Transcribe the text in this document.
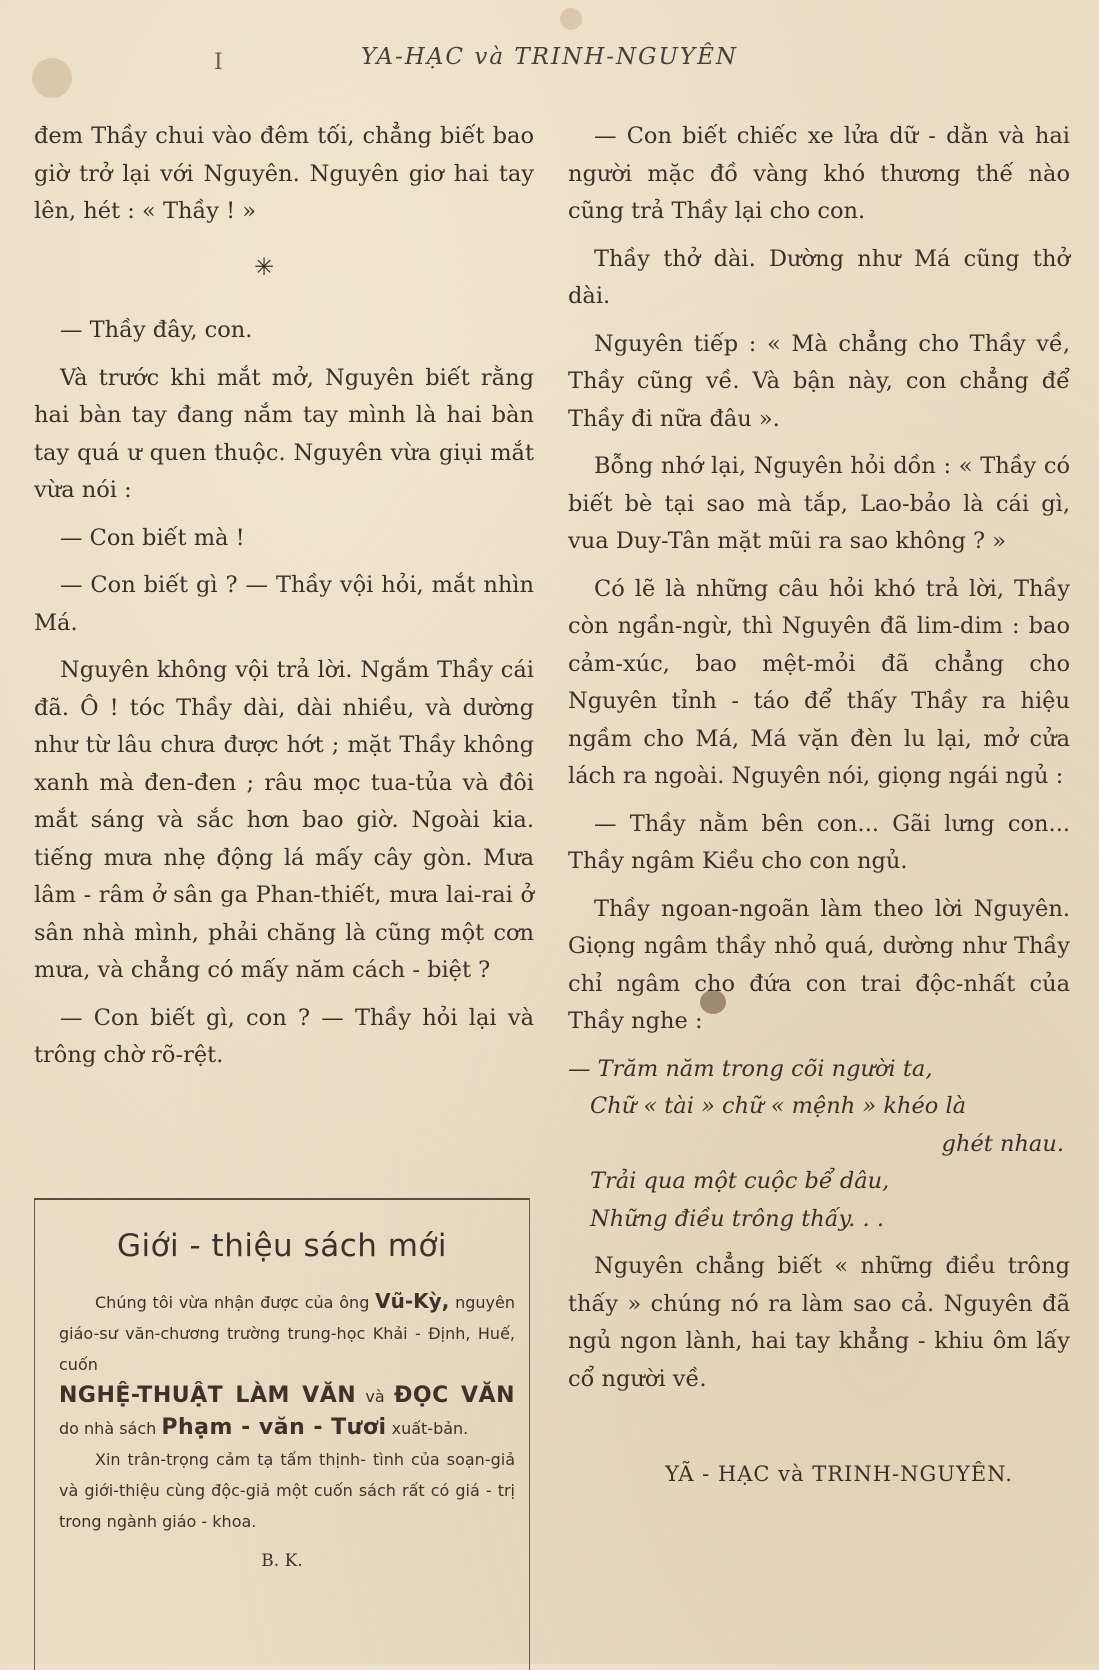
I	YA-HẠC và TRINH-NGUYÊN

đem Thầy chui vào đêm tối, chẳng biết bao giờ trở lại với Nguyên. Nguyên giơ hai tay lên, hét : « Thầy ! »

✳

— Thầy đây, con.

Và trước khi mắt mở, Nguyên biết rằng hai bàn tay đang nắm tay mình là hai bàn tay quá ư quen thuộc. Nguyên vừa giụi mắt vừa nói :

— Con biết mà !

— Con biết gì ? — Thầy vội hỏi, mắt nhìn Má.

Nguyên không vội trả lời. Ngắm Thầy cái đã. Ô ! tóc Thầy dài, dài nhiều, và dường như từ lâu chưa được hớt ; mặt Thầy không xanh mà đen-đen ; râu mọc tua-tủa và đôi mắt sáng và sắc hơn bao giờ. Ngoài kia. tiếng mưa nhẹ động lá mấy cây gòn. Mưa lâm - râm ở sân ga Phan-thiết, mưa lai-rai ở sân nhà mình, phải chăng là cũng một cơn mưa, và chẳng có mấy năm cách - biệt ?

— Con biết gì, con ? — Thầy hỏi lại và trông chờ rõ-rệt.

Giới - thiệu sách mới

Chúng tôi vừa nhận được của ông Vũ-Kỳ, nguyên giáo-sư văn-chương trường trung-học Khải - Định, Huế, cuốn

NGHỆ-THUẬT LÀM VĂN và ĐỌC VĂN do nhà sách Phạm - văn - Tươi xuất-bản.

Xin trân-trọng cảm tạ tấm thịnh- tình của soạn-giả và giới-thiệu cùng độc-giả một cuốn sách rất có giá - trị trong ngành giáo - khoa.

B. K.

— Con biết chiếc xe lửa dữ - dằn và hai người mặc đồ vàng khó thương thế nào cũng trả Thầy lại cho con.

Thầy thở dài. Dường như Má cũng thở dài.

Nguyên tiếp : « Mà chẳng cho Thầy về, Thầy cũng về. Và bận này, con chẳng để Thầy đi nữa đâu ».

Bỗng nhớ lại, Nguyên hỏi dồn : « Thầy có biết bè tại sao mà tắp, Lao-bảo là cái gì, vua Duy-Tân mặt mũi ra sao không ? »

Có lẽ là những câu hỏi khó trả lời, Thầy còn ngần-ngừ, thì Nguyên đã lim-dim : bao cảm-xúc, bao mệt-mỏi đã chẳng cho Nguyên tỉnh - táo để thấy Thầy ra hiệu ngầm cho Má, Má vặn đèn lu lại, mở cửa lách ra ngoài. Nguyên nói, giọng ngái ngủ :

— Thầy nằm bên con... Gãi lưng con... Thầy ngâm Kiều cho con ngủ.

Thầy ngoan-ngoãn làm theo lời Nguyên. Giọng ngâm thầy nhỏ quá, dường như Thầy chỉ ngâm cho đứa con trai độc-nhất của Thầy nghe :

— Trăm năm trong cõi người ta,

Chữ « tài » chữ « mệnh » khéo là

ghét nhau.

Trải qua một cuộc bể dâu,

Những điều trông thấy. . .

Nguyên chẳng biết « những điều trông thấy » chúng nó ra làm sao cả. Nguyên đã ngủ ngon lành, hai tay khẳng - khiu ôm lấy cổ người về.

YÃ - HẠC và TRINH-NGUYÊN.
